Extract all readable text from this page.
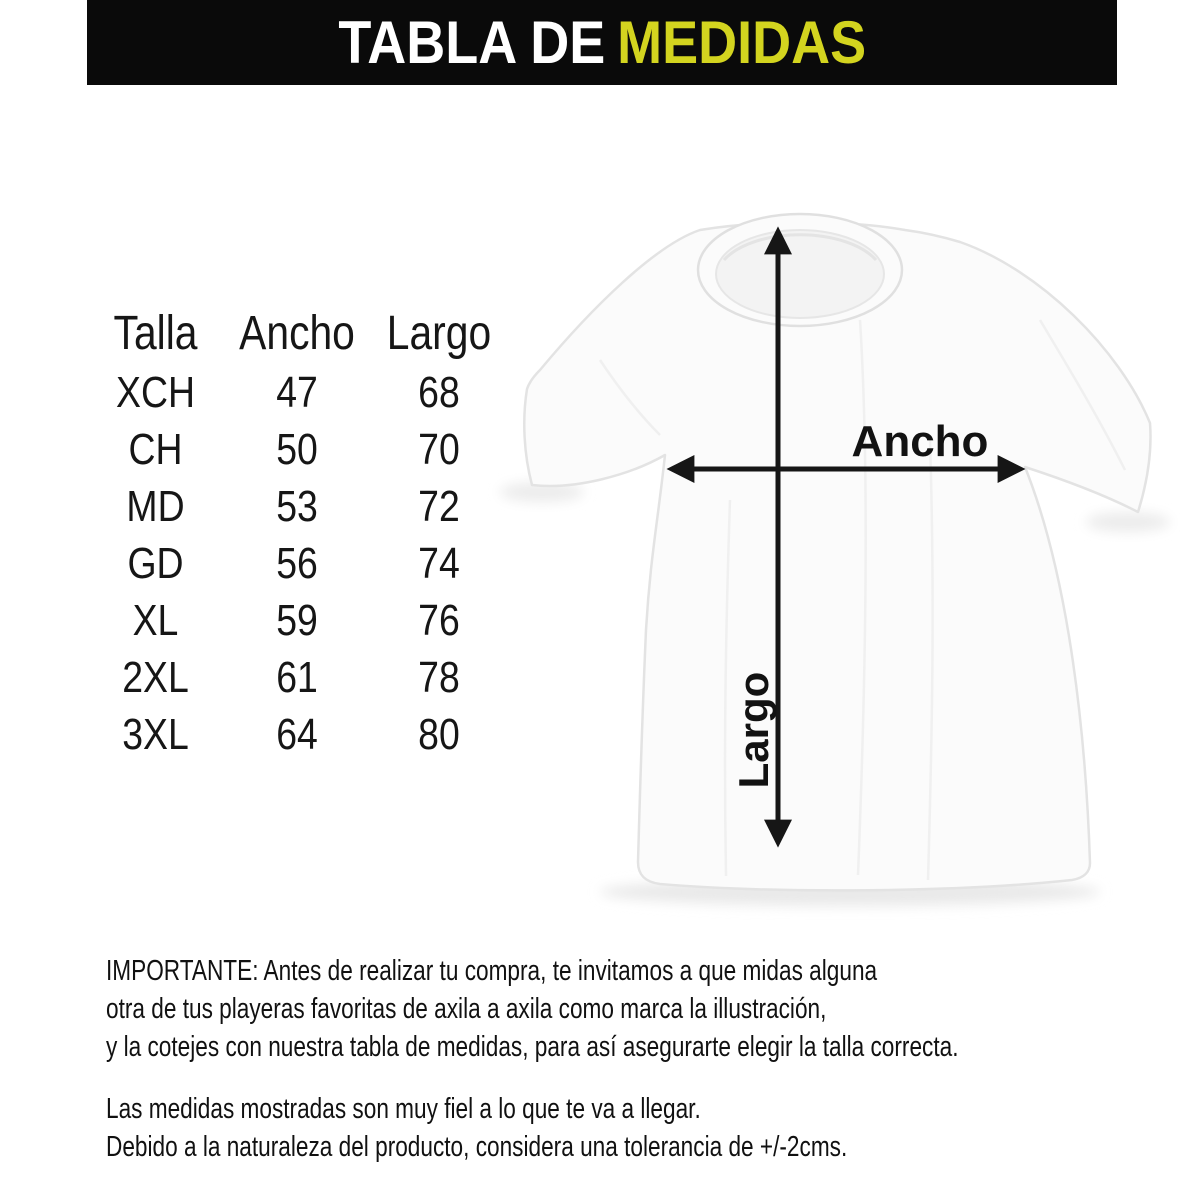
TABLA DE MEDIDAS
Talla	Ancho	Largo
XCH	47	68
CH	50	70
MD	53	72
GD	56	74
XL	59	76
2XL	61	78
3XL	64	80
Ancho
Largo
IMPORTANTE: Antes de realizar tu compra, te invitamos a que midas alguna
otra de tus playeras favoritas de axila a axila como marca la illustración,
y la cotejes con nuestra tabla de medidas, para así asegurarte elegir la talla correcta.
Las medidas mostradas son muy fiel a lo que te va a llegar.
Debido a la naturaleza del producto, considera una tolerancia de +/-2cms.
